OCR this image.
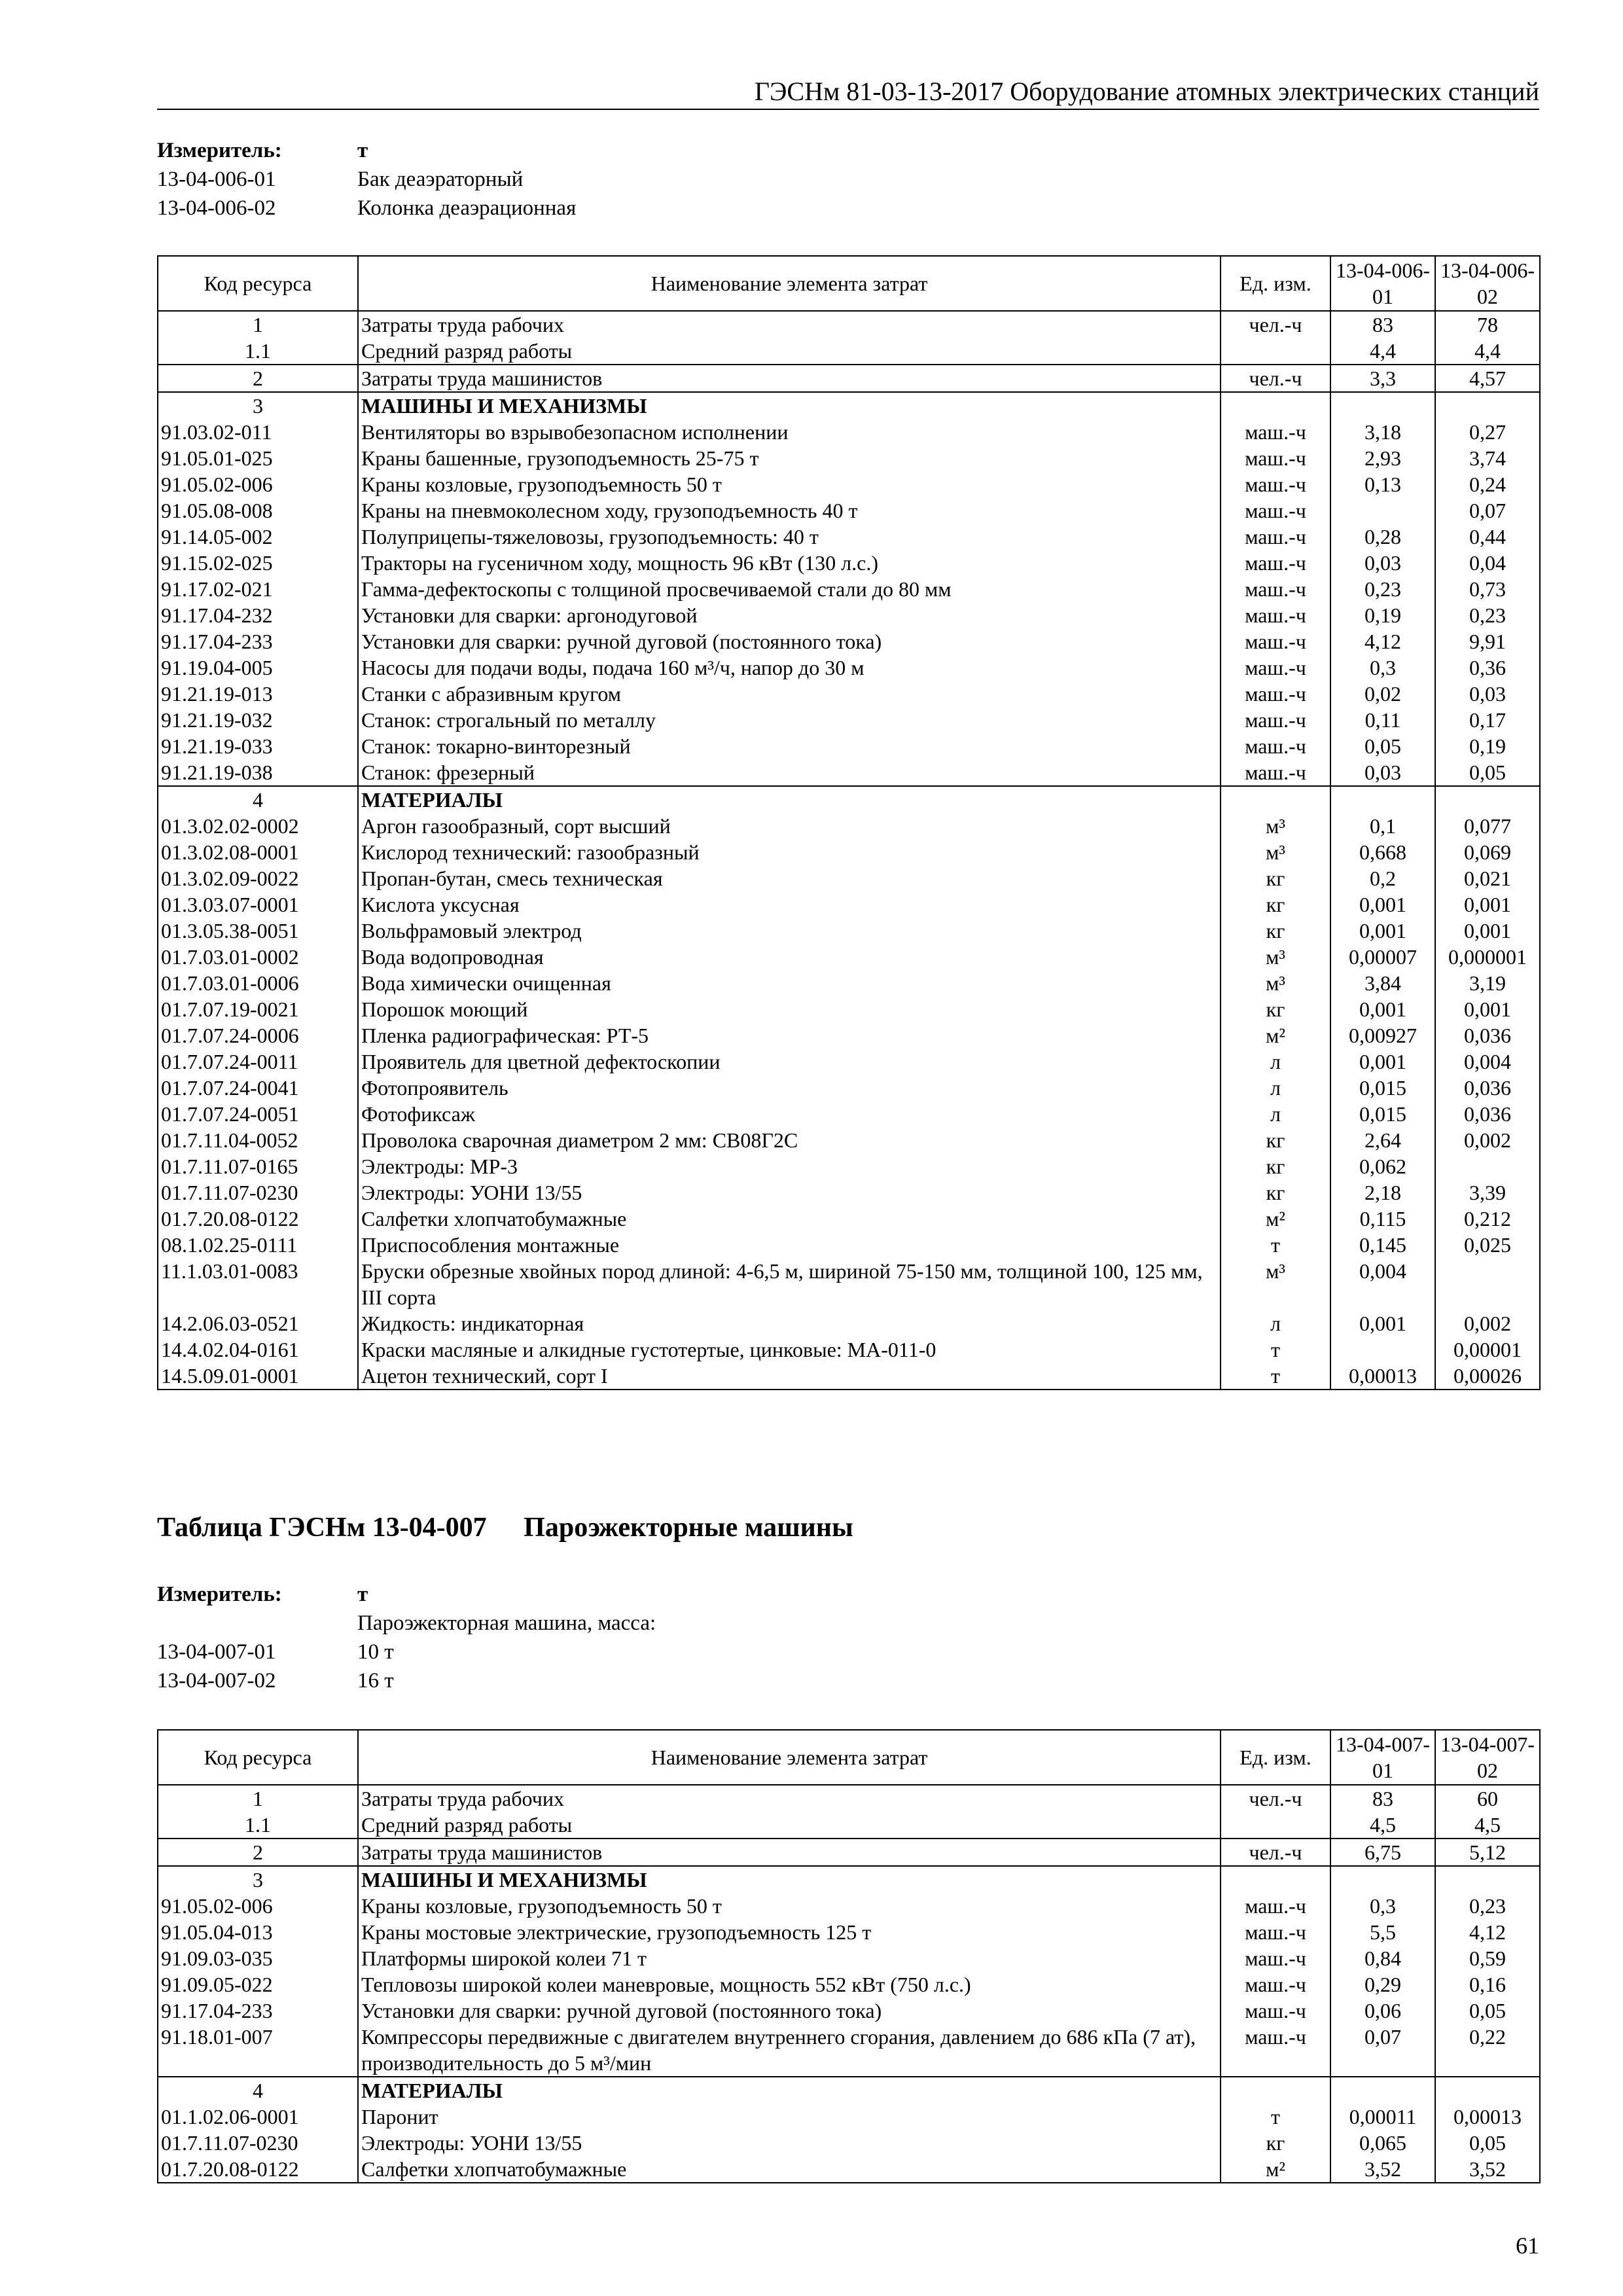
ГЭСНм 81-03-13-2017 Оборудование атомных электрических станций
Измеритель:	т
13-04-006-01	Бак деаэраторный
13-04-006-02	Колонка деаэрационная
Код ресурса	Наименование элемента затрат	Ед. изм.	13-04-006-01	13-04-006-02
1	Затраты труда рабочих	чел.-ч	83	78
1.1	Средний разряд работы		4,4	4,4
2	Затраты труда машинистов	чел.-ч	3,3	4,57
3	МАШИНЫ И МЕХАНИЗМЫ			
91.03.02-011	Вентиляторы во взрывобезопасном исполнении	маш.-ч	3,18	0,27
91.05.01-025	Краны башенные, грузоподъемность 25-75 т	маш.-ч	2,93	3,74
91.05.02-006	Краны козловые, грузоподъемность 50 т	маш.-ч	0,13	0,24
91.05.08-008	Краны на пневмоколесном ходу, грузоподъемность 40 т	маш.-ч		0,07
91.14.05-002	Полуприцепы-тяжеловозы, грузоподъемность: 40 т	маш.-ч	0,28	0,44
91.15.02-025	Тракторы на гусеничном ходу, мощность 96 кВт (130 л.с.)	маш.-ч	0,03	0,04
91.17.02-021	Гамма-дефектоскопы с толщиной просвечиваемой стали до 80 мм	маш.-ч	0,23	0,73
91.17.04-232	Установки для сварки: аргонодуговой	маш.-ч	0,19	0,23
91.17.04-233	Установки для сварки: ручной дуговой (постоянного тока)	маш.-ч	4,12	9,91
91.19.04-005	Насосы для подачи воды, подача 160 м³/ч, напор до 30 м	маш.-ч	0,3	0,36
91.21.19-013	Станки с абразивным кругом	маш.-ч	0,02	0,03
91.21.19-032	Станок: строгальный по металлу	маш.-ч	0,11	0,17
91.21.19-033	Станок: токарно-винторезный	маш.-ч	0,05	0,19
91.21.19-038	Станок: фрезерный	маш.-ч	0,03	0,05
4	МАТЕРИАЛЫ			
01.3.02.02-0002	Аргон газообразный, сорт высший	м³	0,1	0,077
01.3.02.08-0001	Кислород технический: газообразный	м³	0,668	0,069
01.3.02.09-0022	Пропан-бутан, смесь техническая	кг	0,2	0,021
01.3.03.07-0001	Кислота уксусная	кг	0,001	0,001
01.3.05.38-0051	Вольфрамовый электрод	кг	0,001	0,001
01.7.03.01-0002	Вода водопроводная	м³	0,00007	0,000001
01.7.03.01-0006	Вода химически очищенная	м³	3,84	3,19
01.7.07.19-0021	Порошок моющий	кг	0,001	0,001
01.7.07.24-0006	Пленка радиографическая: РТ-5	м²	0,00927	0,036
01.7.07.24-0011	Проявитель для цветной дефектоскопии	л	0,001	0,004
01.7.07.24-0041	Фотопроявитель	л	0,015	0,036
01.7.07.24-0051	Фотофиксаж	л	0,015	0,036
01.7.11.04-0052	Проволока сварочная диаметром 2 мм: СВ08Г2С	кг	2,64	0,002
01.7.11.07-0165	Электроды: МР-3	кг	0,062	
01.7.11.07-0230	Электроды: УОНИ 13/55	кг	2,18	3,39
01.7.20.08-0122	Салфетки хлопчатобумажные	м²	0,115	0,212
08.1.02.25-0111	Приспособления монтажные	т	0,145	0,025
11.1.03.01-0083	Бруски обрезные хвойных пород длиной: 4-6,5 м, шириной 75-150 мм, толщиной 100, 125 мм, III сорта	м³	0,004	
14.2.06.03-0521	Жидкость: индикаторная	л	0,001	0,002
14.4.02.04-0161	Краски масляные и алкидные густотертые, цинковые: МА-011-0	т		0,00001
14.5.09.01-0001	Ацетон технический, сорт I	т	0,00013	0,00026
Таблица ГЭСНм 13-04-007 Пароэжекторные машины
Измеритель:	т
Пароэжекторная машина, масса:
13-04-007-01	10 т
13-04-007-02	16 т
Код ресурса	Наименование элемента затрат	Ед. изм.	13-04-007-01	13-04-007-02
1	Затраты труда рабочих	чел.-ч	83	60
1.1	Средний разряд работы		4,5	4,5
2	Затраты труда машинистов	чел.-ч	6,75	5,12
3	МАШИНЫ И МЕХАНИЗМЫ			
91.05.02-006	Краны козловые, грузоподъемность 50 т	маш.-ч	0,3	0,23
91.05.04-013	Краны мостовые электрические, грузоподъемность 125 т	маш.-ч	5,5	4,12
91.09.03-035	Платформы широкой колеи 71 т	маш.-ч	0,84	0,59
91.09.05-022	Тепловозы широкой колеи маневровые, мощность 552 кВт (750 л.с.)	маш.-ч	0,29	0,16
91.17.04-233	Установки для сварки: ручной дуговой (постоянного тока)	маш.-ч	0,06	0,05
91.18.01-007	Компрессоры передвижные с двигателем внутреннего сгорания, давлением до 686 кПа (7 ат), производительность до 5 м³/мин	маш.-ч	0,07	0,22
4	МАТЕРИАЛЫ			
01.1.02.06-0001	Паронит	т	0,00011	0,00013
01.7.11.07-0230	Электроды: УОНИ 13/55	кг	0,065	0,05
01.7.20.08-0122	Салфетки хлопчатобумажные	м²	3,52	3,52
61
